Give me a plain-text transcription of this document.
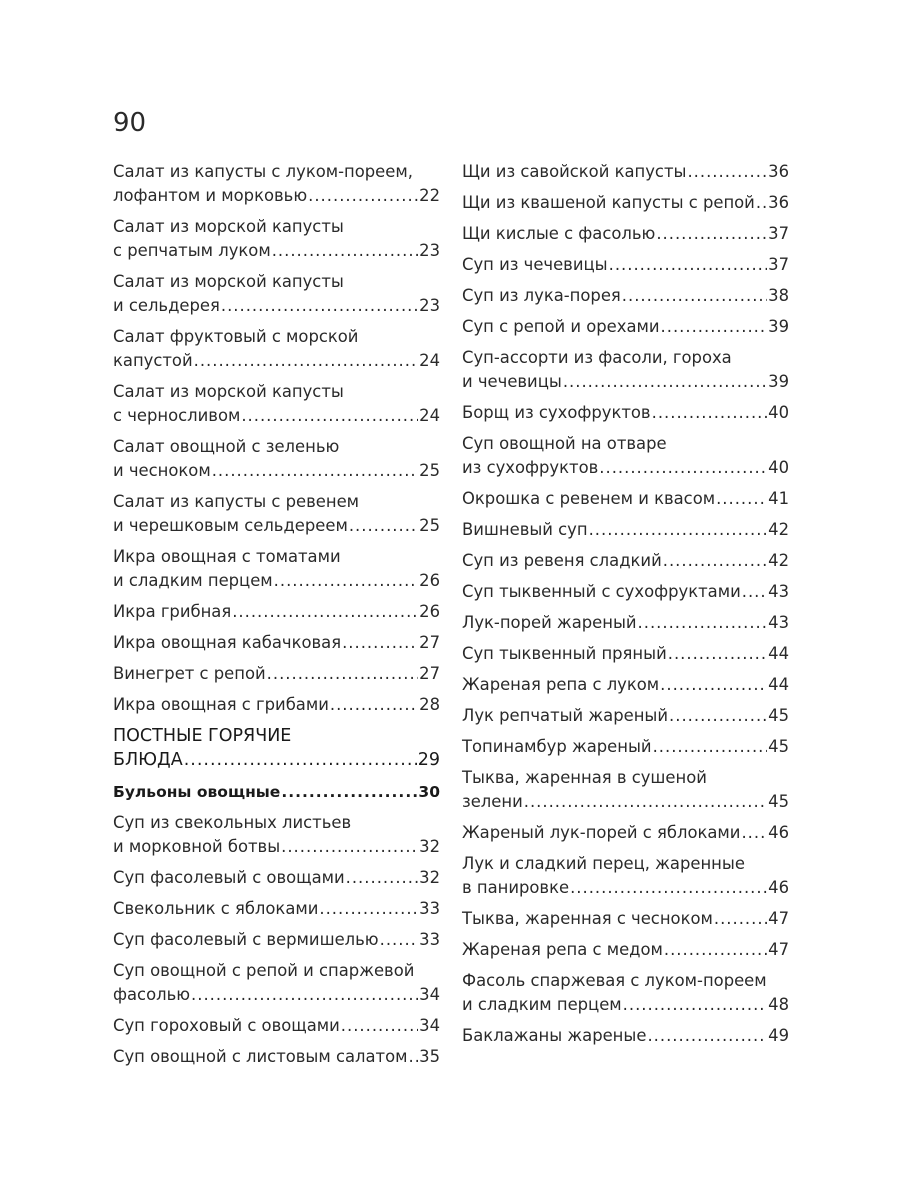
90
Салат из капусты с луком-пореем,
лофантом и морковью .....	22
Салат из морской капусты
с репчатым луком .....	23
Салат из морской капусты
и сельдерея .....	23
Салат фруктовый с морской
капустой .....	24
Салат из морской капусты
с черносливом .....	24
Салат овощной с зеленью
и чесноком .....	25
Салат из капусты с ревенем
и черешковым сельдереем .....	25
Икра овощная с томатами
и сладким перцем .....	26
Икра грибная .....	26
Икра овощная кабачковая .....	27
Винегрет с репой .....	27
Икра овощная с грибами .....	28
ПОСТНЫЕ ГОРЯЧИЕ
БЛЮДА .....	29
Бульоны овощные .....	30
Суп из свекольных листьев
и морковной ботвы .....	32
Суп фасолевый с овощами .....	32
Свекольник с яблоками .....	33
Суп фасолевый с вермишелью ..... 33
Суп овощной с репой и спаржевой
фасолью .....	34
Суп гороховый с овощами .....	34
Суп овощной с листовым салатом ..... 35
Щи из савойской капусты .....	36
Щи из квашеной капусты с репой ..... 36
Щи кислые с фасолью .....	37
Суп из чечевицы .....	37
Суп из лука-порея .....	38
Суп с репой и орехами .....	39
Суп-ассорти из фасоли, гороха
и чечевицы .....	39
Борщ из сухофруктов .....	40
Суп овощной на отваре
из сухофруктов .....	40
Окрошка с ревенем и квасом .....	41
Вишневый суп .....	42
Суп из ревеня сладкий .....	42
Суп тыквенный с сухофруктами ..... 43
Лук-порей жареный .....	43
Суп тыквенный пряный .....	44
Жареная репа с луком .....	44
Лук репчатый жареный .....	45
Топинамбур жареный .....	45
Тыква, жаренная в сушеной
зелени .....	45
Жареный лук-порей с яблоками ..... 46
Лук и сладкий перец, жаренные
в панировке .....	46
Тыква, жаренная с чесноком .....	47
Жареная репа с медом .....	47
Фасоль спаржевая с луком-пореем
и сладким перцем .....	48
Баклажаны жареные .....	49
